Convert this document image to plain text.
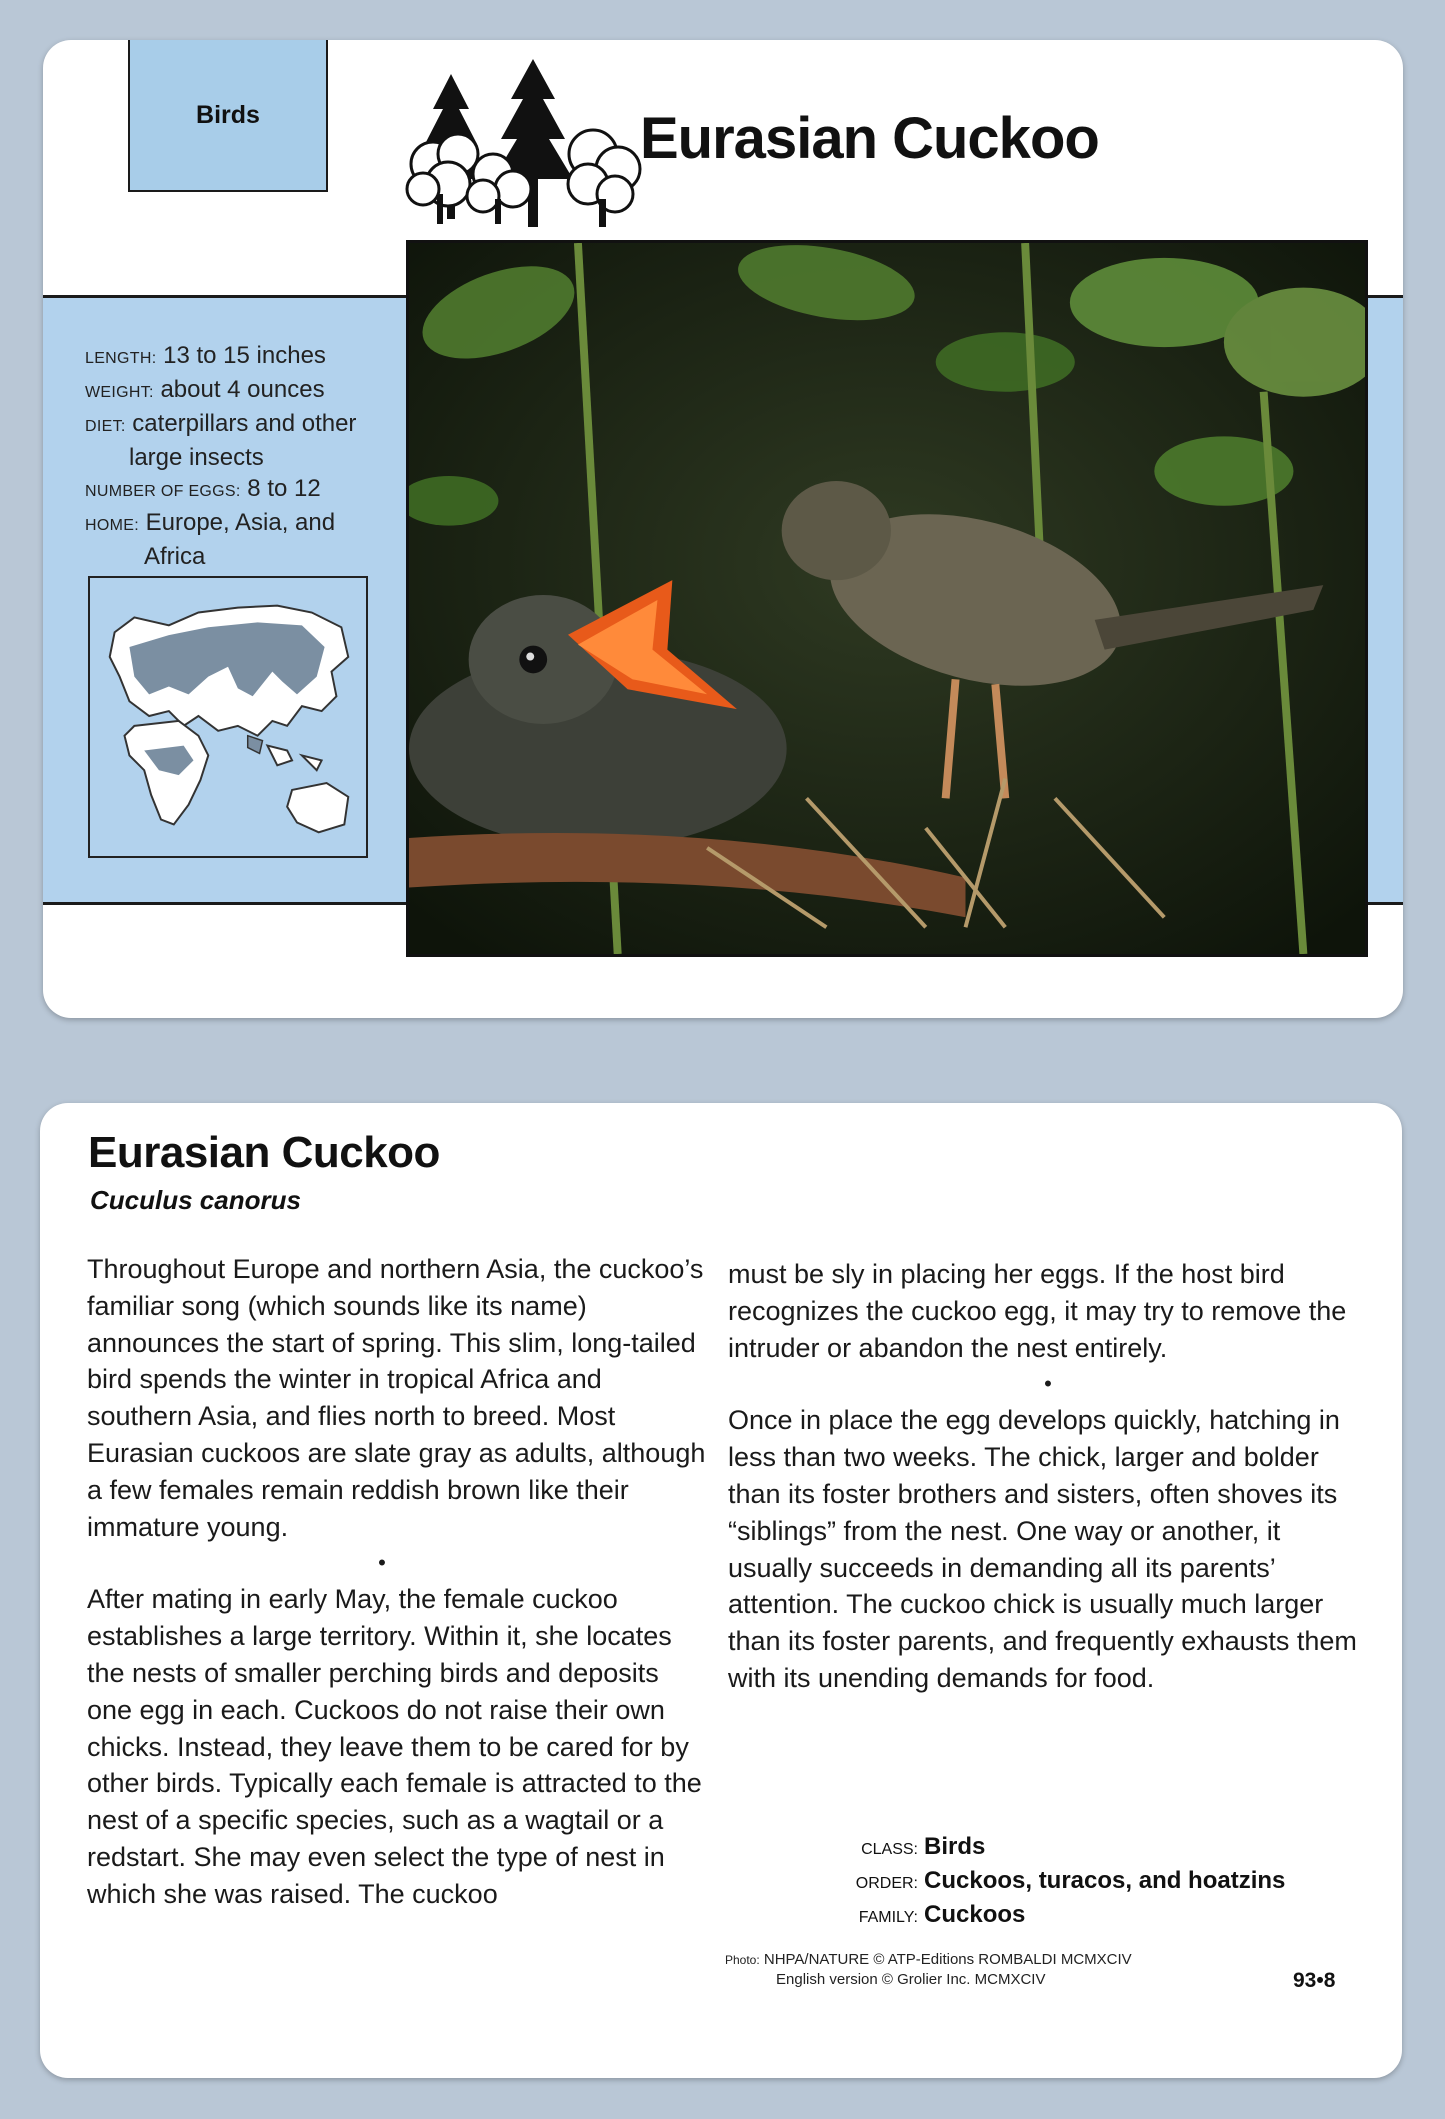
Birds	Eurasian Cuckoo
LENGTH: 13 to 15 inches
WEIGHT: about 4 ounces
DIET: caterpillars and other
large insects
NUMBER OF EGGS: 8 to 12
HOME: Europe, Asia, and
Africa
Eurasian Cuckoo
Cuculus canorus

Throughout Europe and northern Asia, the cuckoo’s familiar song (which sounds like its name) announces the start of spring. This slim, long-tailed bird spends the winter in tropical Africa and southern Asia, and flies north to breed. Most Eurasian cuckoos are slate gray as adults, although a few females remain reddish brown like their immature young.

•

After mating in early May, the female cuckoo establishes a large territory. Within it, she locates the nests of smaller perching birds and deposits one egg in each. Cuckoos do not raise their own chicks. Instead, they leave them to be cared for by other birds. Typically each female is attracted to the nest of a specific species, such as a wagtail or a redstart. She may even select the type of nest in which she was raised. The cuckoo

must be sly in placing her eggs. If the host bird recognizes the cuckoo egg, it may try to remove the intruder or abandon the nest entirely.

•

Once in place the egg develops quickly, hatching in less than two weeks. The chick, larger and bolder than its foster brothers and sisters, often shoves its “siblings” from the nest. One way or another, it usually succeeds in demanding all its parents’ attention. The cuckoo chick is usually much larger than its foster parents, and frequently exhausts them with its unending demands for food.

CLASS: Birds
ORDER: Cuckoos, turacos, and hoatzins
FAMILY: Cuckoos
Photo: NHPA/NATURE © ATP-Editions ROMBALDI MCMXCIV
English version © Grolier Inc. MCMXCIV	93•8
